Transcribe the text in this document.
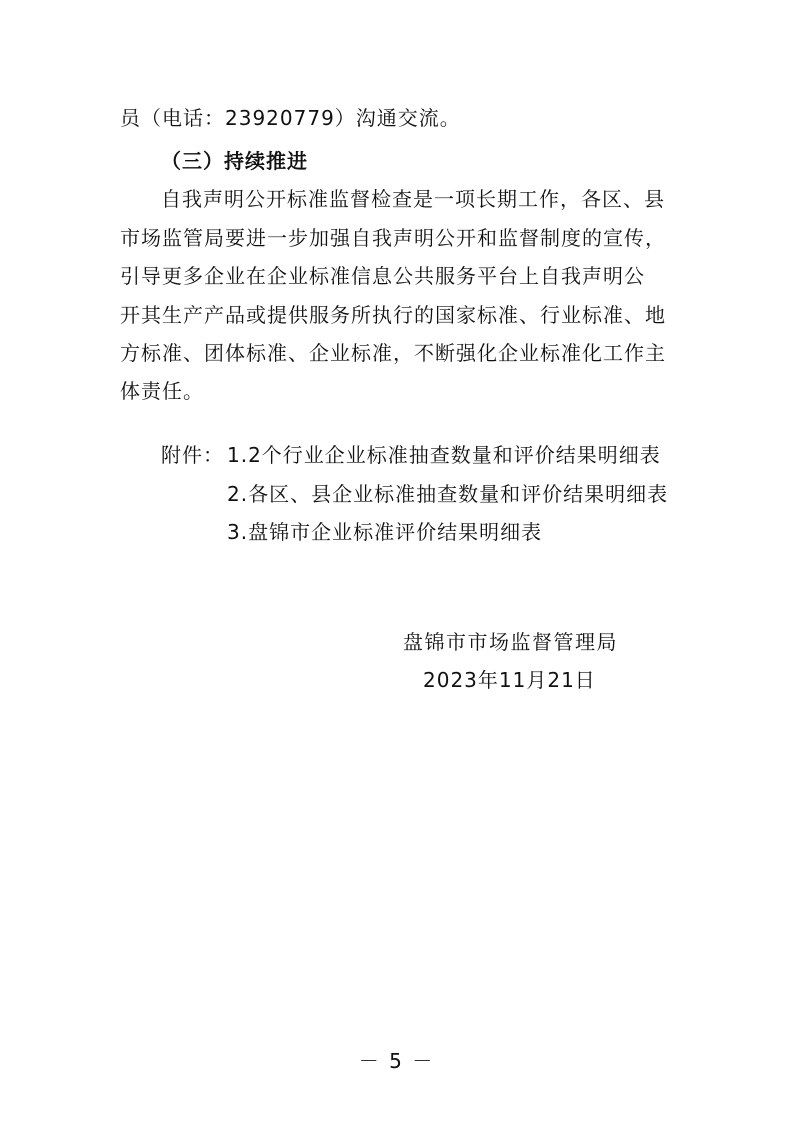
员（电话：23920779）沟通交流。
（三）持续推进
自我声明公开标准监督检查是一项长期工作，各区、县
市场监管局要进一步加强自我声明公开和监督制度的宣传，
引导更多企业在企业标准信息公共服务平台上自我声明公
开其生产产品或提供服务所执行的国家标准、行业标准、地
方标准、团体标准、企业标准，不断强化企业标准化工作主
体责任。
附件： 1.2个行业企业标准抽查数量和评价结果明细表
2.各区、县企业标准抽查数量和评价结果明细表
3.盘锦市企业标准评价结果明细表
盘锦市市场监督管理局
2023年11月21日
－ 5 －
